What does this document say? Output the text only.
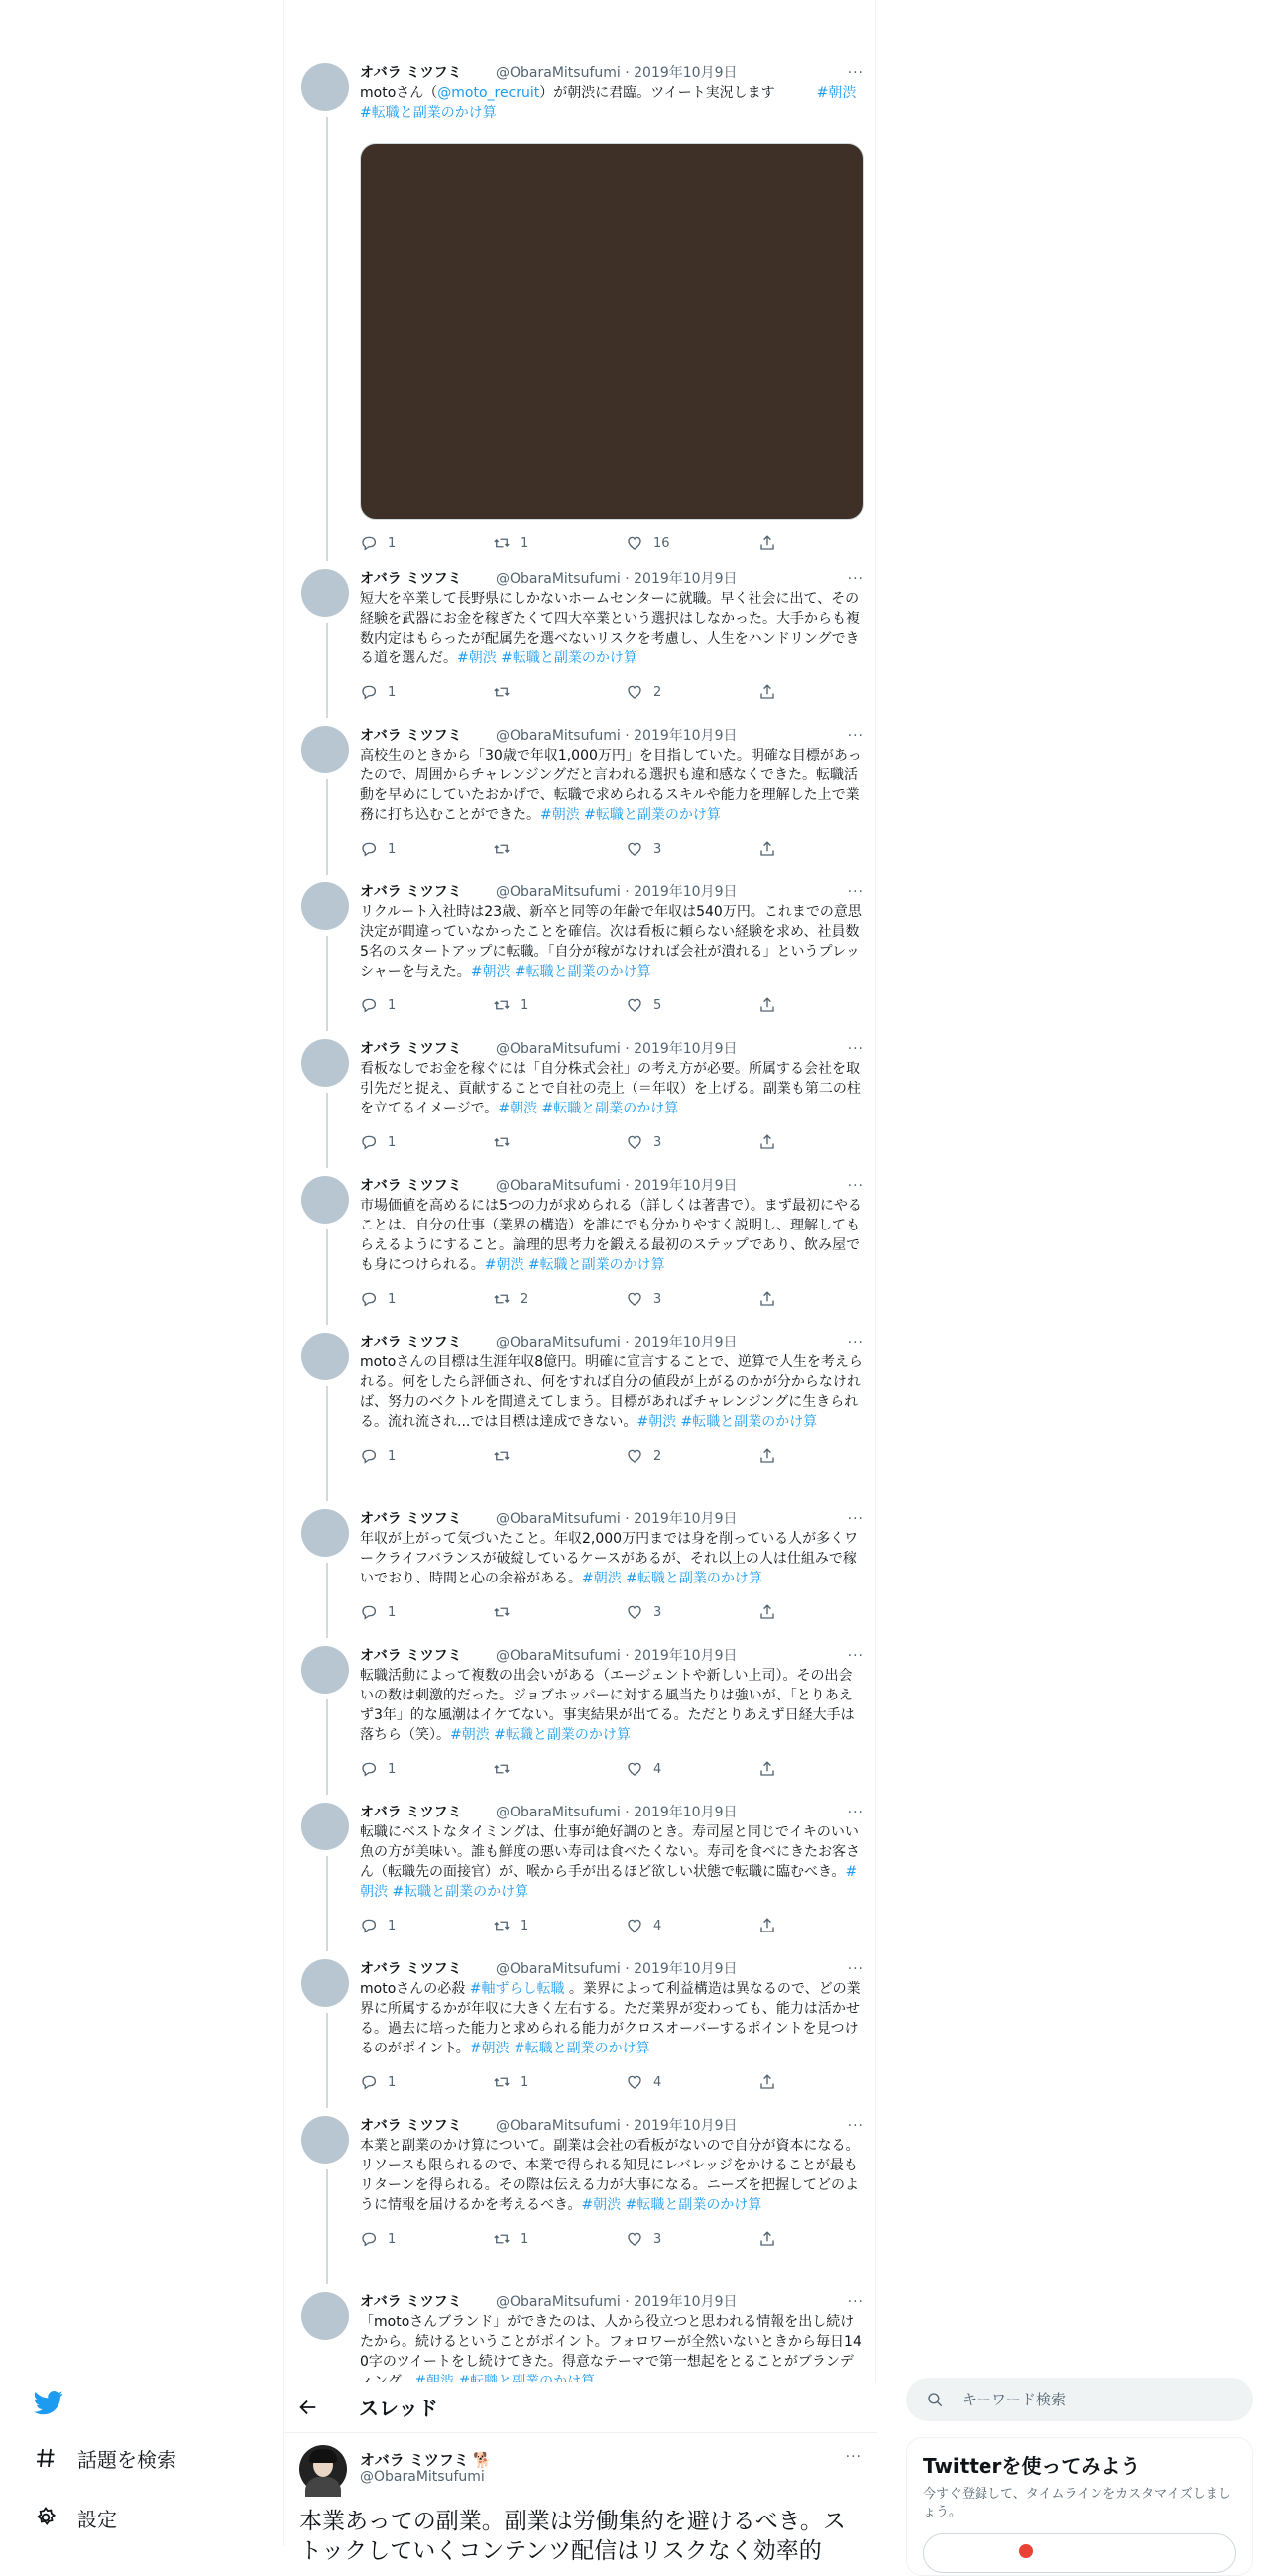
話題を検索
設定
オバラ ミツフミ @ObaraMitsufumi · 2019年10月9日	···
motoさん（@moto_recruit）が朝渋に君臨。ツイート実況します　　　	#朝渋 #転職と副業のかけ算
1	1	16
オバラ ミツフミ @ObaraMitsufumi · 2019年10月9日	···
短大を卒業して長野県にしかないホームセンターに就職。早く社会に出て、その経験を武器にお金を稼ぎたくて四大卒業という選択はしなかった。大手からも複数内定はもらったが配属先を選べないリスクを考慮し、人生をハンドリングできる道を選んだ。#朝渋 #転職と副業のかけ算
1	2
オバラ ミツフミ @ObaraMitsufumi · 2019年10月9日	···
高校生のときから「30歳で年収1,000万円」を目指していた。明確な目標があったので、周囲からチャレンジングだと言われる選択も違和感なくできた。転職活動を早めにしていたおかげで、転職で求められるスキルや能力を理解した上で業務に打ち込むことができた。#朝渋 #転職と副業のかけ算
1	3
オバラ ミツフミ @ObaraMitsufumi · 2019年10月9日	···
リクルート入社時は23歳、新卒と同等の年齢で年収は540万円。これまでの意思決定が間違っていなかったことを確信。次は看板に頼らない経験を求め、社員数5名のスタートアップに転職。「自分が稼がなければ会社が潰れる」というプレッシャーを与えた。#朝渋 #転職と副業のかけ算
1	1	5
オバラ ミツフミ @ObaraMitsufumi · 2019年10月9日	···
看板なしでお金を稼ぐには「自分株式会社」の考え方が必要。所属する会社を取引先だと捉え、貢献することで自社の売上（＝年収）を上げる。副業も第二の柱を立てるイメージで。#朝渋 #転職と副業のかけ算
1	3
オバラ ミツフミ @ObaraMitsufumi · 2019年10月9日	···
市場価値を高めるには5つの力が求められる（詳しくは著書で）。まず最初にやることは、自分の仕事（業界の構造）を誰にでも分かりやすく説明し、理解してもらえるようにすること。論理的思考力を鍛える最初のステップであり、飲み屋でも身につけられる。#朝渋 #転職と副業のかけ算
1	2	3
オバラ ミツフミ @ObaraMitsufumi · 2019年10月9日	···
motoさんの目標は生涯年収8億円。明確に宣言することで、逆算で人生を考えられる。何をしたら評価され、何をすれば自分の値段が上がるのかが分からなければ、努力のベクトルを間違えてしまう。目標があればチャレンジングに生きられる。流れ流され...では目標は達成できない。#朝渋 #転職と副業のかけ算
1	2
オバラ ミツフミ @ObaraMitsufumi · 2019年10月9日	···
年収が上がって気づいたこと。年収2,000万円までは身を削っている人が多くワークライフバランスが破綻しているケースがあるが、それ以上の人は仕組みで稼いでおり、時間と心の余裕がある。#朝渋 #転職と副業のかけ算
1	3
オバラ ミツフミ @ObaraMitsufumi · 2019年10月9日	···
転職活動によって複数の出会いがある（エージェントや新しい上司）。その出会いの数は刺激的だった。ジョブホッパーに対する風当たりは強いが、「とりあえず3年」的な風潮はイケてない。事実結果が出てる。ただとりあえず日経大手は落ちら（笑）。#朝渋 #転職と副業のかけ算
1	4
オバラ ミツフミ @ObaraMitsufumi · 2019年10月9日	···
転職にベストなタイミングは、仕事が絶好調のとき。寿司屋と同じでイキのいい魚の方が美味い。誰も鮮度の悪い寿司は食べたくない。寿司を食べにきたお客さん（転職先の面接官）が、喉から手が出るほど欲しい状態で転職に臨むべき。#朝渋 #転職と副業のかけ算
1	1	4
オバラ ミツフミ @ObaraMitsufumi · 2019年10月9日	···
motoさんの必殺 #軸ずらし転職 。業界によって利益構造は異なるので、どの業界に所属するかが年収に大きく左右する。ただ業界が変わっても、能力は活かせる。過去に培った能力と求められる能力がクロスオーバーするポイントを見つけるのがポイント。#朝渋 #転職と副業のかけ算
1	1	4
オバラ ミツフミ @ObaraMitsufumi · 2019年10月9日	···
本業と副業のかけ算について。副業は会社の看板がないので自分が資本になる。リソースも限られるので、本業で得られる知見にレバレッジをかけることが最もリターンを得られる。その際は伝える力が大事になる。ニーズを把握してどのように情報を届けるかを考えるべき。#朝渋 #転職と副業のかけ算
1	1	3
オバラ ミツフミ @ObaraMitsufumi · 2019年10月9日	···
「motoさんブランド」ができたのは、人から役立つと思われる情報を出し続けたから。続けるということがポイント。フォロワーが全然いないときから毎日140字のツイートをし続けてきた。得意なテーマで第一想起をとることがブランデ
スレッド
オバラ ミツフミ 🐕
@ObaraMitsufumi
···
本業あっての副業。副業は労働集約を避けるべき。ストックしていくコンテンツ配信はリスクなく効率的
キーワード検索
Twitterを使ってみよう

今すぐ登録して、タイムラインをカスタマイズしましょう。
